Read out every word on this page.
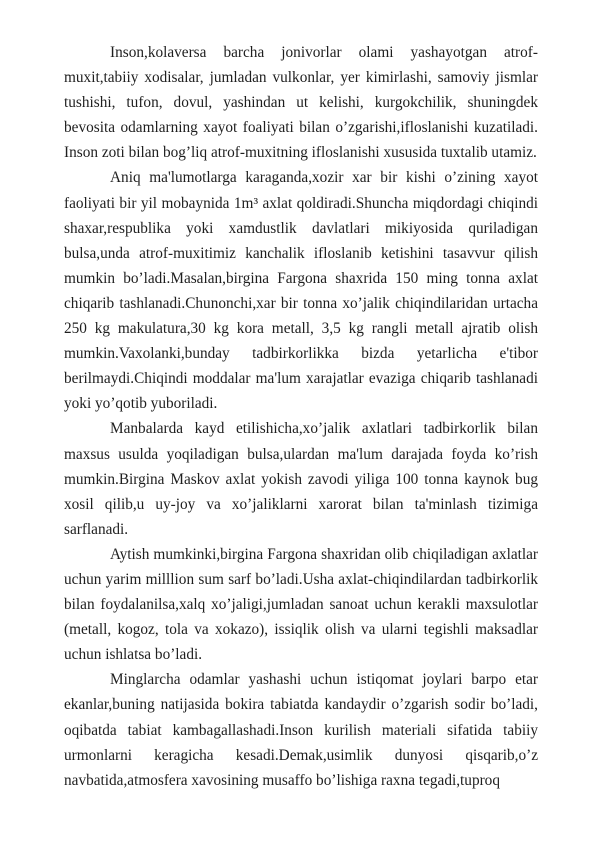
Inson,kolaversa barcha jonivorlar olami yashayotgan atrof-muxit,tabiiy xodisalar, jumladan vulkonlar, yer kimirlashi, samoviy jismlar tushishi, tufon, dovul, yashindan ut kelishi, kurgokchilik, shuningdek bevosita odamlarning xayot foaliyati bilan o’zgarishi,ifloslanishi kuzatiladi. Inson zoti bilan bog’liq atrof-muxitning ifloslanishi xususida tuxtalib utamiz.

Aniq ma'lumotlarga karaganda,xozir xar bir kishi o’zining xayot faoliyati bir yil mobaynida 1m³ axlat qoldiradi.Shuncha miqdordagi chiqindi shaxar,respublika yoki xamdustlik davlatlari mikiyosida quriladigan bulsa,unda atrof-muxitimiz kanchalik ifloslanib ketishini tasavvur qilish mumkin bo’ladi.Masalan,birgina Fargona shaxrida 150 ming tonna axlat chiqarib tashlanadi.Chunonchi,xar bir tonna xo’jalik chiqindilaridan urtacha 250 kg makulatura,30 kg kora metall, 3,5 kg rangli metall ajratib olish mumkin.Vaxolanki,bunday tadbirkorlikka bizda yetarlicha e'tibor berilmaydi.Chiqindi moddalar ma'lum xarajatlar evaziga chiqarib tashlanadi yoki yo’qotib yuboriladi.

Manbalarda kayd etilishicha,xo’jalik axlatlari tadbirkorlik bilan maxsus usulda yoqiladigan bulsa,ulardan ma'lum darajada foyda ko’rish mumkin.Birgina Maskov axlat yokish zavodi yiliga 100 tonna kaynok bug xosil qilib,u uy-joy va xo’jaliklarni xarorat bilan ta'minlash tizimiga sarflanadi.

Aytish mumkinki,birgina Fargona shaxridan olib chiqiladigan axlatlar uchun yarim milllion sum sarf bo’ladi.Usha axlat-chiqindilardan tadbirkorlik bilan foydalanilsa,xalq xo’jaligi,jumladan sanoat uchun kerakli maxsulotlar (metall, kogoz, tola va xokazo), issiqlik olish va ularni tegishli maksadlar uchun ishlatsa bo’ladi.

Minglarcha odamlar yashashi uchun istiqomat joylari barpo etar ekanlar,buning natijasida bokira tabiatda kandaydir o’zgarish sodir bo’ladi, oqibatda tabiat kambagallashadi.Inson kurilish materiali sifatida tabiiy urmonlarni keragicha kesadi.Demak,usimlik dunyosi qisqarib,o’z navbatida,atmosfera xavosining musaffo bo’lishiga raxna tegadi,tuproq
